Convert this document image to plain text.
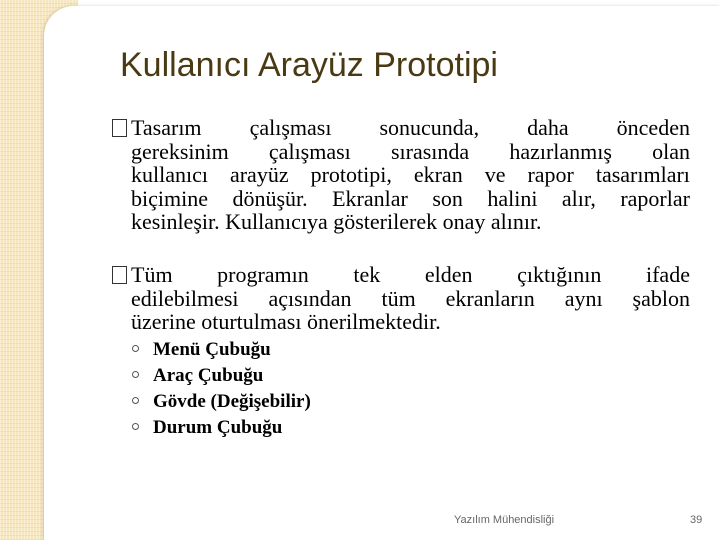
Kullanıcı Arayüz Prototipi
Tasarım çalışması sonucunda, daha önceden
gereksinim çalışması sırasında hazırlanmış olan
kullanıcı arayüz prototipi, ekran ve rapor tasarımları
biçimine dönüşür. Ekranlar son halini alır, raporlar
kesinleşir. Kullanıcıya gösterilerek onay alınır.
Tüm programın tek elden çıktığının ifade
edilebilmesi açısından tüm ekranların aynı şablon
üzerine oturtulması önerilmektedir.
Menü Çubuğu
Araç Çubuğu
Gövde (Değişebilir)
Durum Çubuğu
Yazılım Mühendisliği	39
